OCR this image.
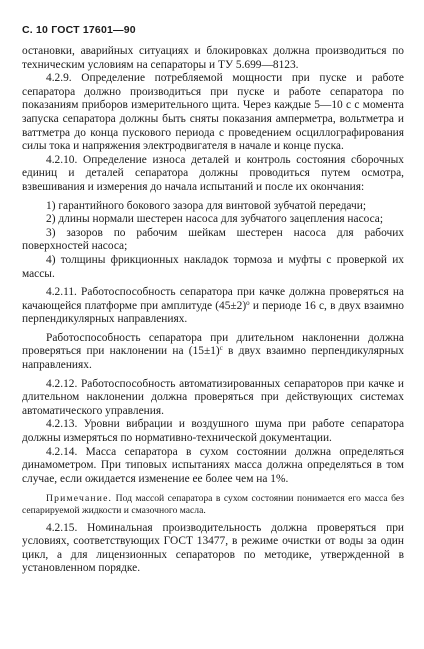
С. 10 ГОСТ 17601—90

остановки, аварийных ситуациях и блокировках должна производиться по техническим условиям на сепараторы и ТУ 5.699—8123.

4.2.9. Определение потребляемой мощности при пуске и работе сепаратора должно производиться при пуске и работе сепаратора по показаниям приборов измерительного щита. Через каждые 5—10 с с момента запуска сепаратора должны быть сняты показания амперметра, вольтметра и ваттметра до конца пускового периода с проведением осциллографирования силы тока и напряжения электродвигателя в начале и конце пуска.

4.2.10. Определение износа деталей и контроль состояния сборочных единиц и деталей сепаратора должны проводиться путем осмотра, взвешивания и измерения до начала испытаний и после их окончания:

1) гарантийного бокового зазора для винтовой зубчатой передачи;

2) длины нормали шестерен насоса для зубчатого зацепления насоса;

3) зазоров по рабочим шейкам шестерен насоса для рабочих поверхностей насоса;

4) толщины фрикционных накладок тормоза и муфты с проверкой их массы.

4.2.11. Работоспособность сепаратора при качке должна проверяться на качающейся платформе при амплитуде $(45\pm 2)^о$ и периоде 16 с, в двух взаимно перпендикулярных направлениях.

Работоспособность сепаратора при длительном наклоненни должна проверяться при наклонении на $(15\pm 1)^с$ в двух взаимно перпендикулярных направлениях.

4.2.12. Работоспособность автоматизированных сепараторов при качке и длительном наклонении должна проверяться при действующих системах автоматического управления.

4.2.13. Уровни вибрации и воздушного шума при работе сепаратора должны измеряться по нормативно-технической документации.

4.2.14. Масса сепаратора в сухом состоянии должна определяться динамометром. При типовых испытаниях масса должна определяться в том случае, если ожидается изменение ее более чем на 1%.

Примечание. Под массой сепаратора в сухом состоянии понимается его масса без сепарируемой жидкости и смазочного масла.

4.2.15. Номинальная производительность должна проверяться при условиях, соответствующих ГОСТ 13477, в режиме очистки от воды за один цикл, а для лицензионных сепараторов по методике, утвержденной в установленном порядке.
